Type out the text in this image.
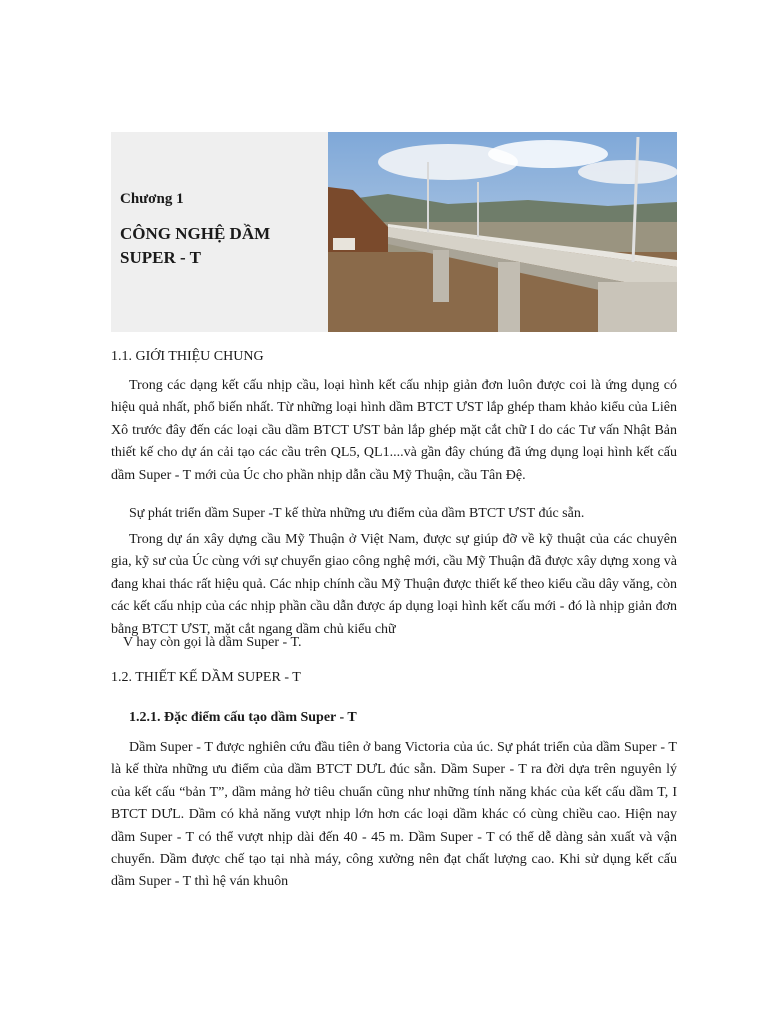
Chương 1
CÔNG NGHỆ DẦM
SUPER - T
1.1. GIỚI THIỆU CHUNG
Trong các dạng kết cấu nhịp cầu, loại hình kết cấu nhịp giản đơn luôn được coi là ứng dụng có hiệu quả nhất, phổ biến nhất. Từ những loại hình dầm BTCT ƯST lắp ghép tham khảo kiểu của Liên Xô trước đây đến các loại cầu dầm BTCT ƯST bản lắp ghép mặt cắt chữ I do các Tư vấn Nhật Bản thiết kế cho dự án cải tạo các cầu trên QL5, QL1....và gần đây chúng đã ứng dụng loại hình kết cấu dầm Super - T mới của Úc cho phần nhịp dẫn cầu Mỹ Thuận, cầu Tân Đệ.
Sự phát triển dầm Super -T kế thừa những ưu điểm của dầm BTCT ƯST đúc sẵn.
Trong dự án xây dựng cầu Mỹ Thuận ở Việt Nam, được sự giúp đỡ về kỹ thuật của các chuyên gia, kỹ sư của Úc cùng với sự chuyển giao công nghệ mới, cầu Mỹ Thuận đã được xây dựng xong và đang khai thác rất hiệu quả. Các nhịp chính cầu Mỹ Thuận được thiết kế theo kiểu cầu dây văng, còn các kết cấu nhịp của các nhịp phần cầu dẫn được áp dụng loại hình kết cấu mới - đó là nhịp giản đơn bằng BTCT ƯST, mặt cắt ngang dầm chủ kiểu chữ
V hay còn gọi là dầm Super - T.
1.2. THIẾT KẾ DẦM SUPER - T
1.2.1. Đặc điểm cấu tạo dầm Super - T
Dầm Super - T được nghiên cứu đầu tiên ở bang Victoria của úc. Sự phát triển của dầm Super - T là kế thừa những ưu điểm của dầm BTCT DƯL đúc sẵn. Dầm Super - T ra đời dựa trên nguyên lý của kết cấu “bản T”, dầm mảng hở tiêu chuẩn cũng như những tính năng khác của kết cấu dầm T, I BTCT DƯL. Dầm có khả năng vượt nhịp lớn hơn các loại dầm khác có cùng chiều cao. Hiện nay dầm Super - T có thể vượt nhịp dài đến 40 - 45 m. Dầm Super - T có thể dễ dàng sản xuất và vận chuyển. Dầm được chế tạo tại nhà máy, công xưởng nên đạt chất lượng cao. Khi sử dụng kết cấu dầm Super - T thì hệ ván khuôn
